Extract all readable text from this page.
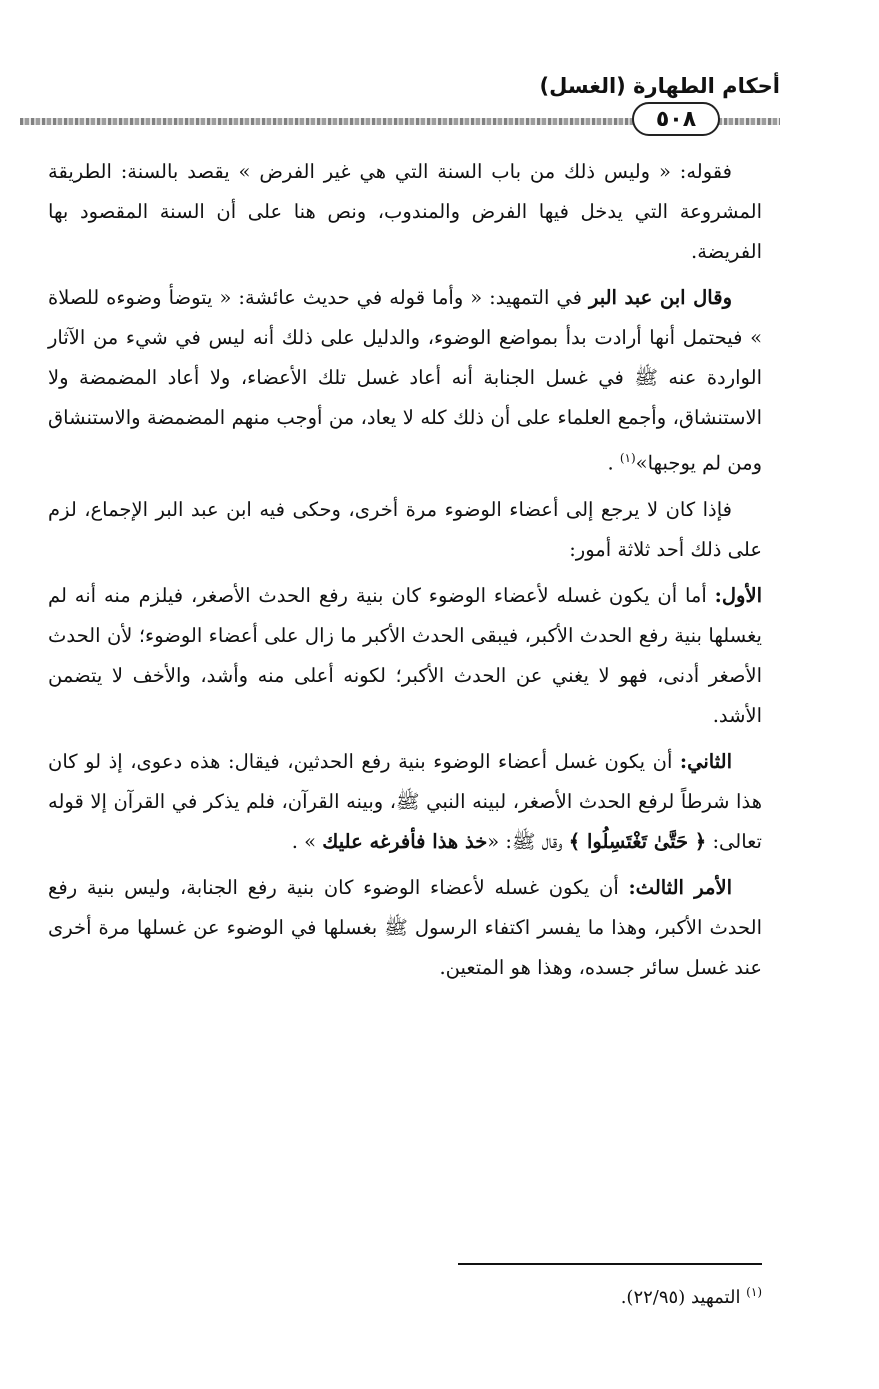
أحكام الطهارة (الغسل)
٥٠٨

فقوله: « وليس ذلك من باب السنة التي هي غير الفرض » يقصد بالسنة: الطريقة المشروعة التي يدخل فيها الفرض والمندوب، ونص هنا على أن السنة المقصود بها الفريضة.

وقال ابن عبد البر في التمهيد: « وأما قوله في حديث عائشة: « يتوضأ وضوءه للصلاة » فيحتمل أنها أرادت بدأ بمواضع الوضوء، والدليل على ذلك أنه ليس في شيء من الآثار الواردة عنه ﷺ في غسل الجنابة أنه أعاد غسل تلك الأعضاء، ولا أعاد المضمضة ولا الاستنشاق، وأجمع العلماء على أن ذلك كله لا يعاد، من أوجب منهم المضمضة والاستنشاق ومن لم يوجبها»$^{(١)}$ .

فإذا كان لا يرجع إلى أعضاء الوضوء مرة أخرى، وحكى فيه ابن عبد البر الإجماع، لزم على ذلك أحد ثلاثة أمور:

الأول: أما أن يكون غسله لأعضاء الوضوء كان بنية رفع الحدث الأصغر، فيلزم منه أنه لم يغسلها بنية رفع الحدث الأكبر، فيبقى الحدث الأكبر ما زال على أعضاء الوضوء؛ لأن الحدث الأصغر أدنى، فهو لا يغني عن الحدث الأكبر؛ لكونه أعلى منه وأشد، والأخف لا يتضمن الأشد.

الثاني: أن يكون غسل أعضاء الوضوء بنية رفع الحدثين، فيقال: هذه دعوى، إذ لو كان هذا شرطاً لرفع الحدث الأصغر، لبينه النبي ﷺ، وبينه القرآن، فلم يذكر في القرآن إلا قوله تعالى: ﴿ حَتَّىٰ تَغْتَسِلُوا ﴾ وقال ﷺ: «خذ هذا فأفرغه عليك » .

الأمر الثالث: أن يكون غسله لأعضاء الوضوء كان بنية رفع الجنابة، وليس بنية رفع الحدث الأكبر، وهذا ما يفسر اكتفاء الرسول ﷺ بغسلها في الوضوء عن غسلها مرة أخرى عند غسل سائر جسده، وهذا هو المتعين.

$^{(١)}$ التمهيد (٢٢/٩٥).
